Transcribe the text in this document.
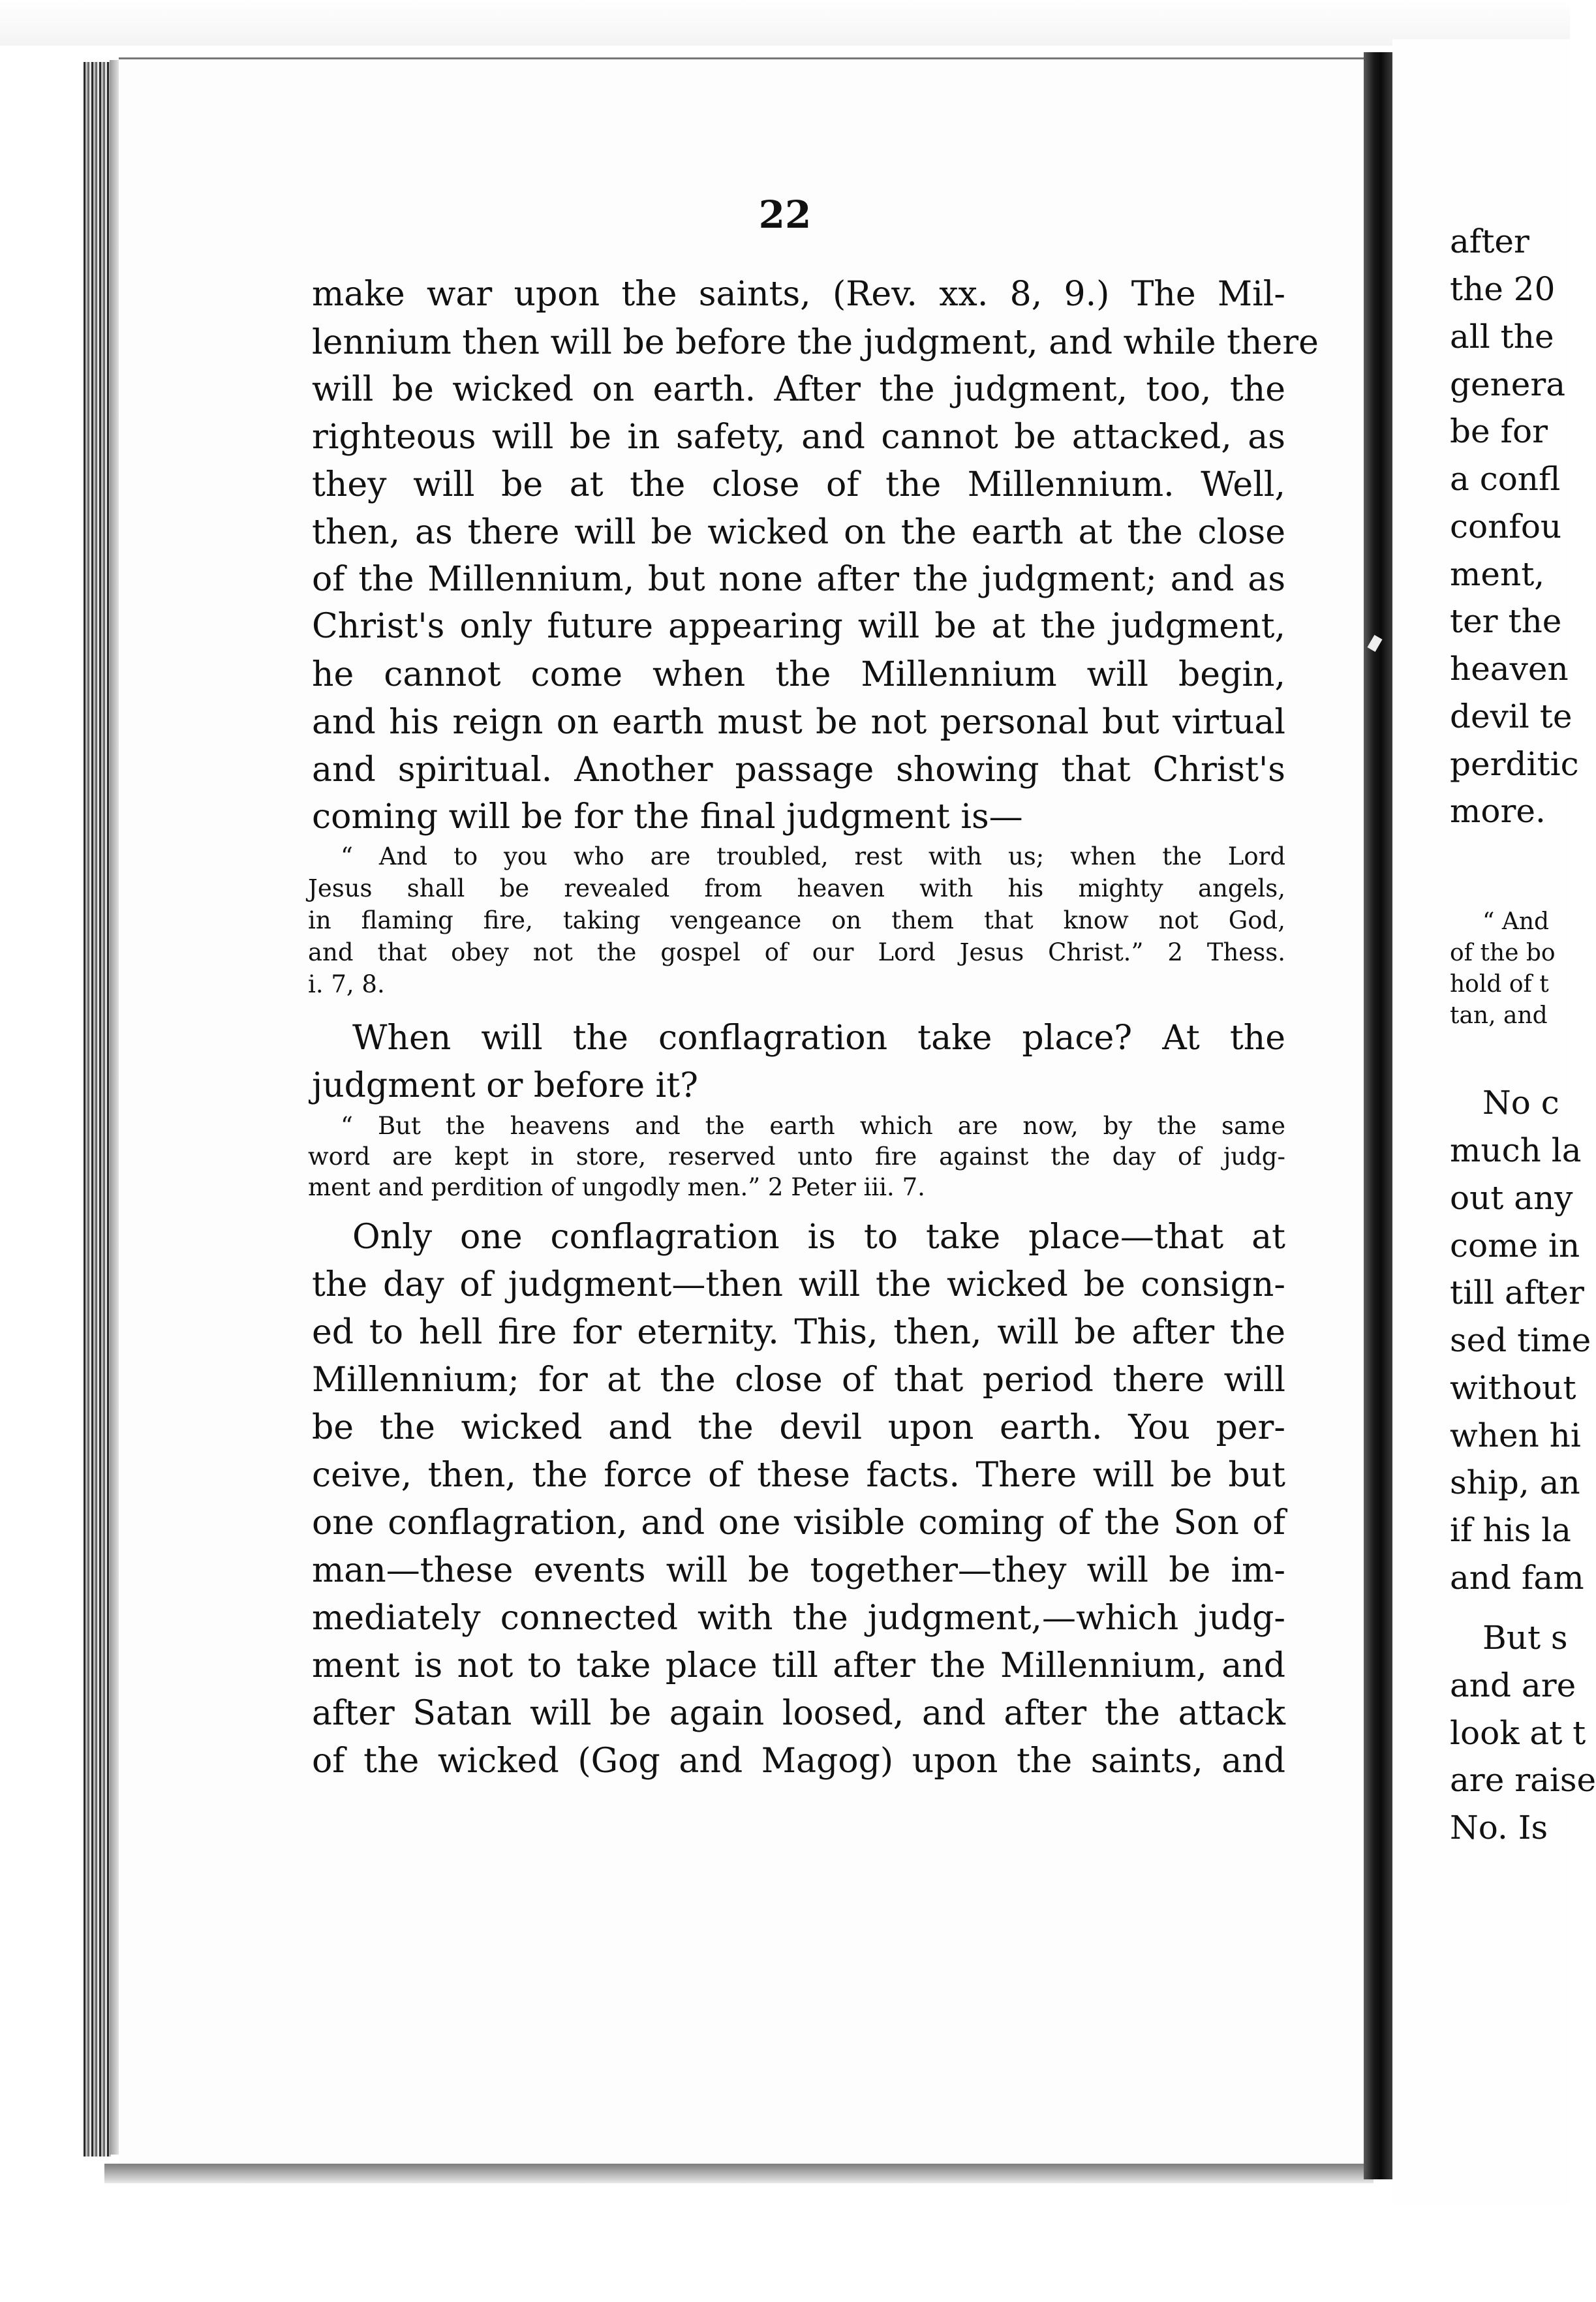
after
the 20
all the
genera
be for
a confl
confou
ment,
ter the
heaven
devil te
perditic
more.
“ And
of the bo
hold of t
tan, and
No c
much la
out any
come in
till after
sed time
without
when hi
ship, an
if his la
and fam
But s
and are
look at t
are raise
No. Is
22
make war upon the saints, (Rev. xx. 8, 9.) The Mil-
lennium then will be before the judgment, and while there
will be wicked on earth. After the judgment, too, the
righteous will be in safety, and cannot be attacked, as
they will be at the close of the Millennium. Well,
then, as there will be wicked on the earth at the close
of the Millennium, but none after the judgment; and as
Christ's only future appearing will be at the judgment,
he cannot come when the Millennium will begin,
and his reign on earth must be not personal but virtual
and spiritual. Another passage showing that Christ's
coming will be for the final judgment is—
“ And to you who are troubled, rest with us; when the Lord
Jesus shall be revealed from heaven with his mighty angels,
in flaming fire, taking vengeance on them that know not God,
and that obey not the gospel of our Lord Jesus Christ.” 2 Thess.
i. 7, 8.
When will the conflagration take place? At the
judgment or before it?
“ But the heavens and the earth which are now, by the same
word are kept in store, reserved unto fire against the day of judg-
ment and perdition of ungodly men.” 2 Peter iii. 7.
Only one conflagration is to take place—that at
the day of judgment—then will the wicked be consign-
ed to hell fire for eternity. This, then, will be after the
Millennium; for at the close of that period there will
be the wicked and the devil upon earth. You per-
ceive, then, the force of these facts. There will be but
one conflagration, and one visible coming of the Son of
man—these events will be together—they will be im-
mediately connected with the judgment,—which judg-
ment is not to take place till after the Millennium, and
after Satan will be again loosed, and after the attack
of the wicked (Gog and Magog) upon the saints, and
